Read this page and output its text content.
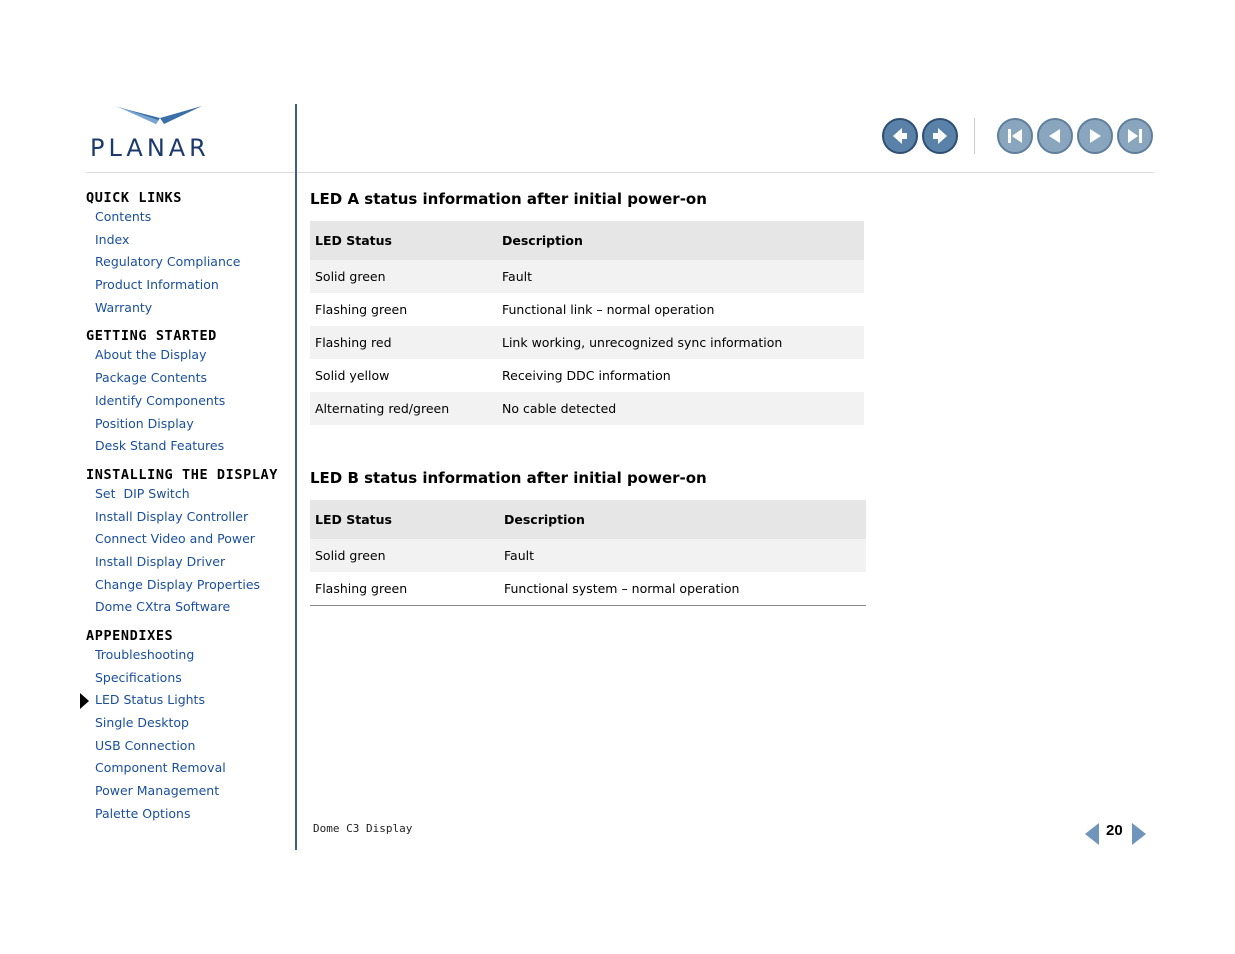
PLANAR
QUICK LINKS
Contents
Index
Regulatory Compliance
Product Information
Warranty
GETTING STARTED
About the Display
Package Contents
Identify Components
Position Display
Desk Stand Features
INSTALLING THE DISPLAY
Set  DIP Switch
Install Display Controller
Connect Video and Power
Install Display Driver
Change Display Properties
Dome CXtra Software
APPENDIXES
Troubleshooting
Specifications
LED Status Lights
Single Desktop
USB Connection
Component Removal
Power Management
Palette Options
LED A status information after initial power-on
LED Status	Description
Solid green	Fault
Flashing green	Functional link – normal operation
Flashing red	Link working, unrecognized sync information
Solid yellow	Receiving DDC information
Alternating red/green	No cable detected
LED B status information after initial power-on
LED Status	Description
Solid green	Fault
Flashing green	Functional system – normal operation
Dome C3 Display	20
